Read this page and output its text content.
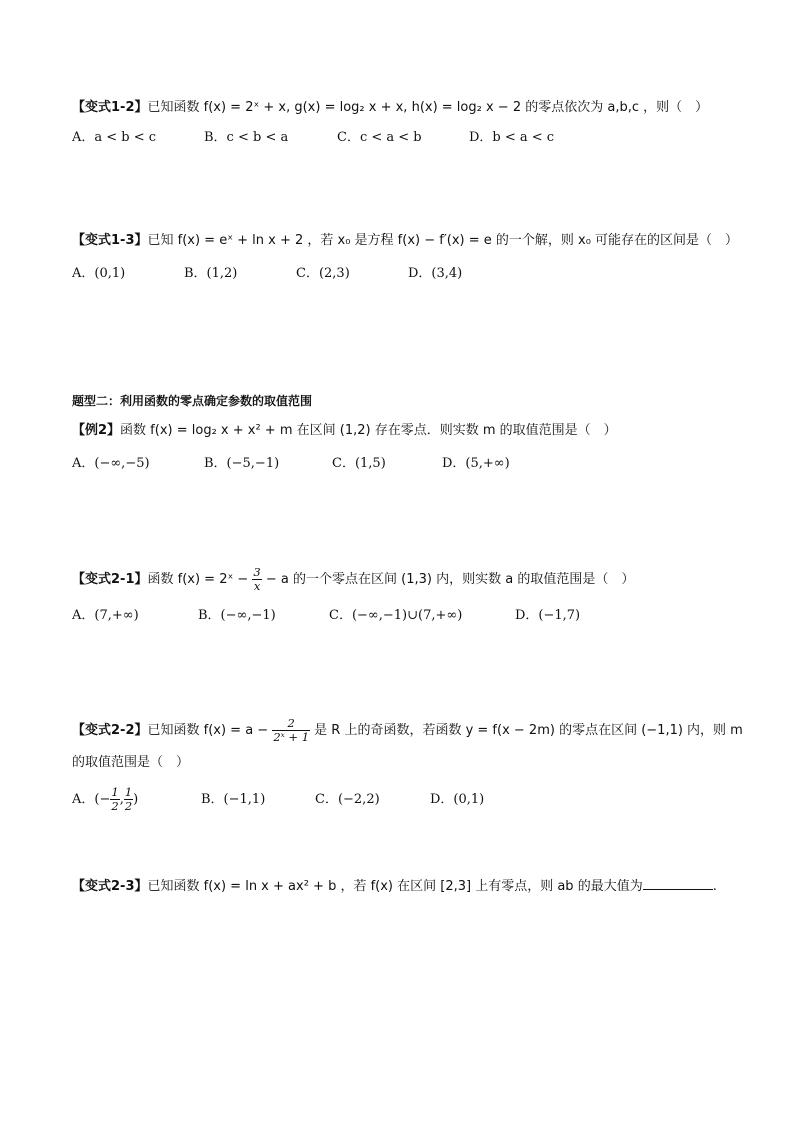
【变式1-2】已知函数 f(x) = 2ˣ + x, g(x) = log₂ x + x, h(x) = log₂ x − 2 的零点依次为 a,b,c ，则（　）
A．a < b < c	B．c < b < a	C．c < a < b	D．b < a < c
【变式1-3】已知 f(x) = eˣ + ln x + 2 ，若 x₀ 是方程 f(x) − f′(x) = e 的一个解，则 x₀ 可能存在的区间是（　）
A．(0,1)	B．(1,2)	C．(2,3)	D．(3,4)
题型二：利用函数的零点确定参数的取值范围
【例2】函数 f(x) = log₂ x + x² + m 在区间 (1,2) 存在零点．则实数 m 的取值范围是（　）
A．(−∞,−5)	B．(−5,−1)	C．(1,5)	D．(5,+∞)
【变式2-1】函数 f(x) = 2ˣ − $\frac{3}{x} - a$ 的一个零点在区间 (1,3) 内，则实数 a 的取值范围是（　）
A．(7,+∞)	B．(−∞,−1)	C．(−∞,−1)∪(7,+∞)	D．(−1,7)
【变式2-2】已知函数 $f(x) = a - \frac{2}{\text{2ˣ + 1}}$ 是 R 上的奇函数，若函数 y = f(x − 2m) 的零点在区间 (−1,1) 内，则 m
的取值范围是（　）
A．(− $\frac{1}{2}$ , $\frac{1}{2}$ )	B．(−1,1)	C．(−2,2)	D．(0,1)
【变式2-3】已知函数 f(x) = ln x + ax² + b ，若 f(x) 在区间 [2,3] 上有零点，则 ab 的最大值为	.
